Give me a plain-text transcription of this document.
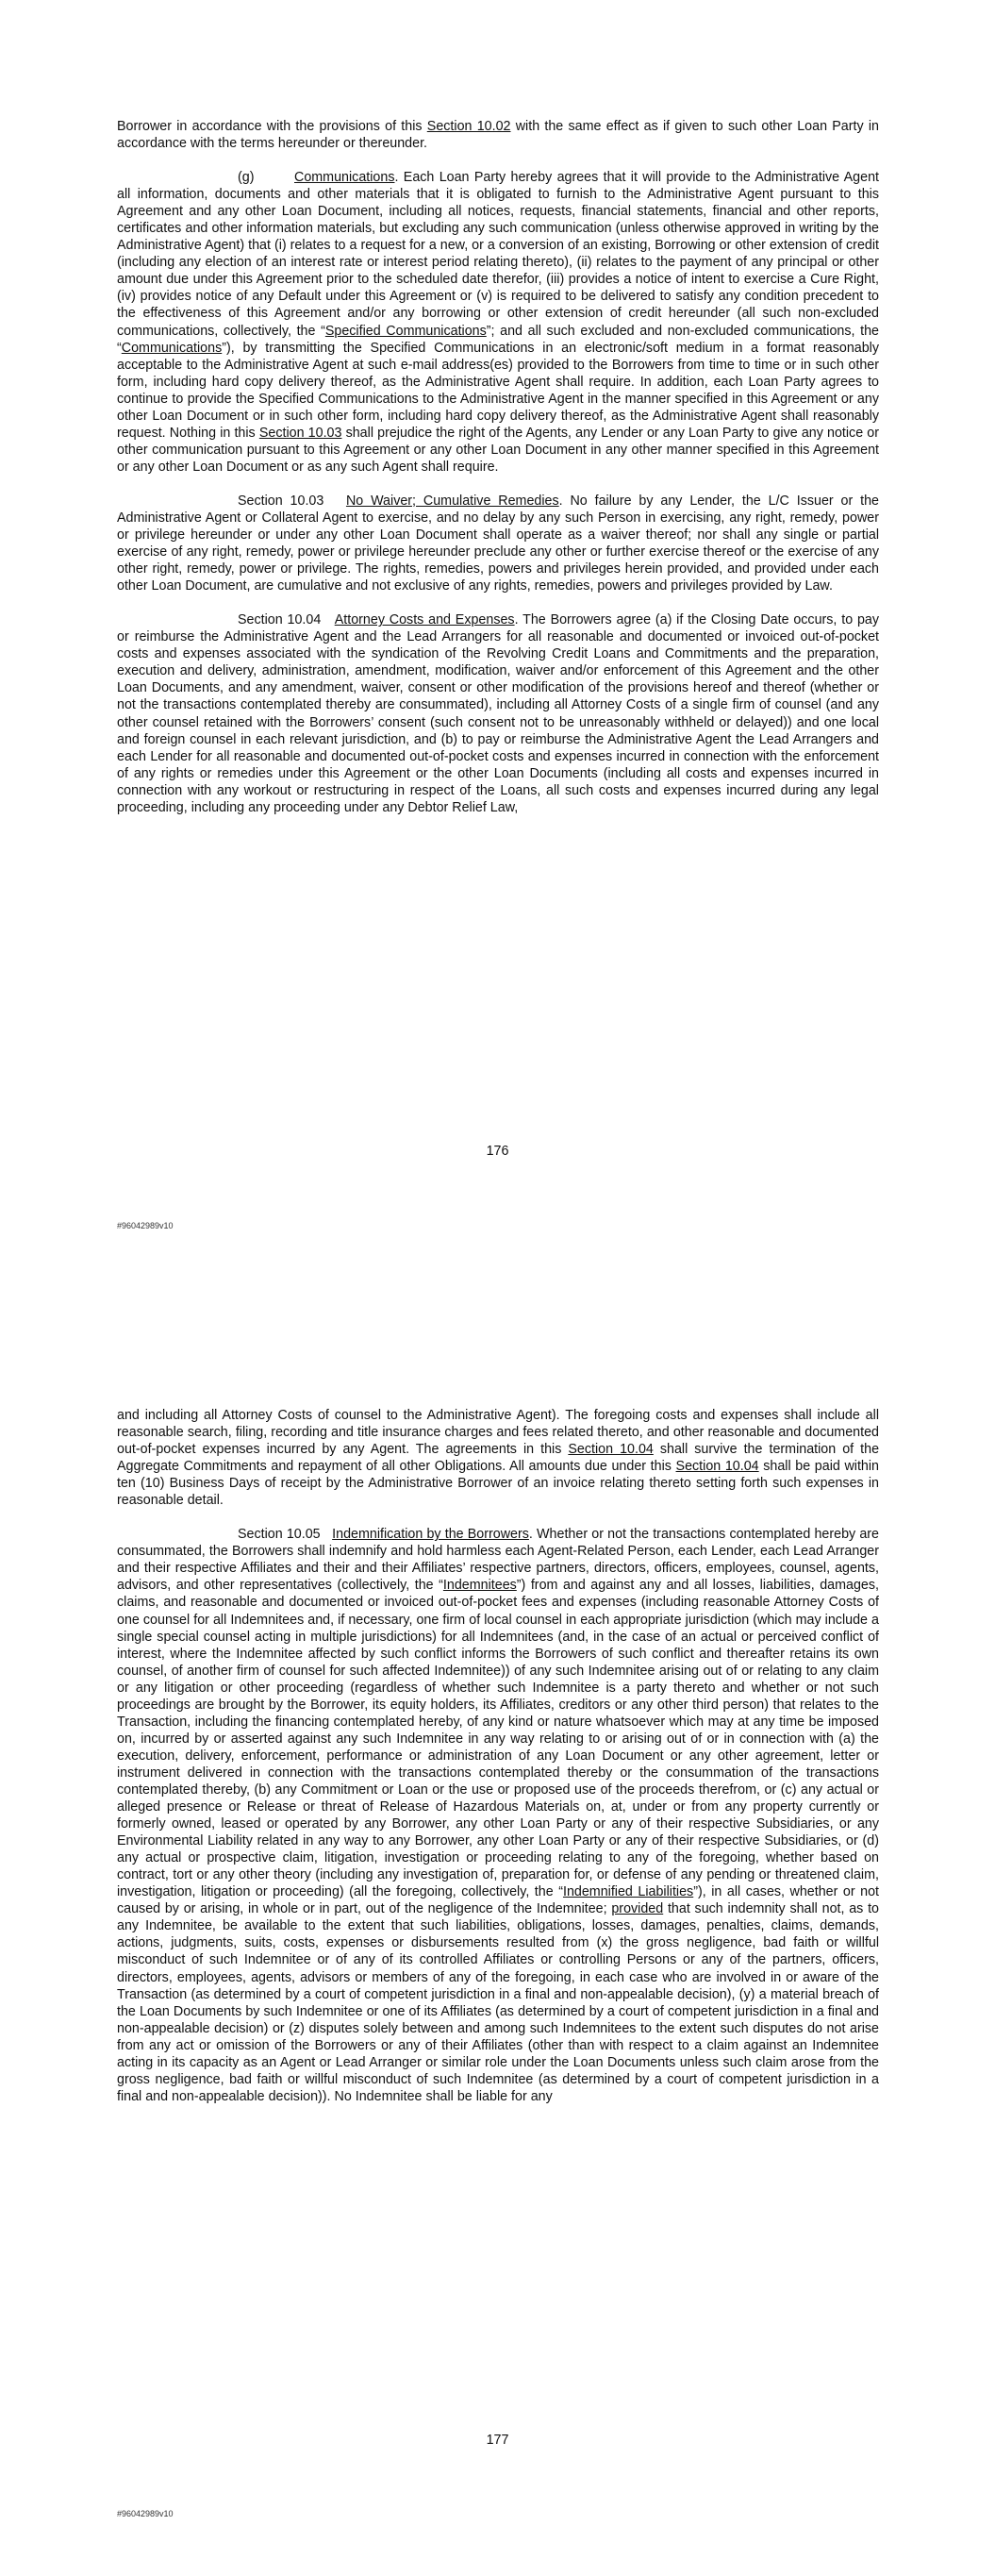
Borrower in accordance with the provisions of this Section 10.02 with the same effect as if given to such other Loan Party in accordance with the terms hereunder or thereunder.

(g)	Communications. Each Loan Party hereby agrees that it will provide to the Administrative Agent all information, documents and other materials that it is obligated to furnish to the Administrative Agent pursuant to this Agreement and any other Loan Document, including all notices, requests, financial statements, financial and other reports, certificates and other information materials, but excluding any such communication (unless otherwise approved in writing by the Administrative Agent) that (i) relates to a request for a new, or a conversion of an existing, Borrowing or other extension of credit (including any election of an interest rate or interest period relating thereto), (ii) relates to the payment of any principal or other amount due under this Agreement prior to the scheduled date therefor, (iii) provides a notice of intent to exercise a Cure Right, (iv) provides notice of any Default under this Agreement or (v) is required to be delivered to satisfy any condition precedent to the effectiveness of this Agreement and/or any borrowing or other extension of credit hereunder (all such non-excluded communications, collectively, the “Specified Communications”; and all such excluded and non-excluded communications, the “Communications”), by transmitting the Specified Communications in an electronic/soft medium in a format reasonably acceptable to the Administrative Agent at such e-mail address(es) provided to the Borrowers from time to time or in such other form, including hard copy delivery thereof, as the Administrative Agent shall require. In addition, each Loan Party agrees to continue to provide the Specified Communications to the Administrative Agent in the manner specified in this Agreement or any other Loan Document or in such other form, including hard copy delivery thereof, as the Administrative Agent shall reasonably request. Nothing in this Section 10.03 shall prejudice the right of the Agents, any Lender or any Loan Party to give any notice or other communication pursuant to this Agreement or any other Loan Document in any other manner specified in this Agreement or any other Loan Document or as any such Agent shall require.

Section 10.03 No Waiver; Cumulative Remedies. No failure by any Lender, the L/C Issuer or the Administrative Agent or Collateral Agent to exercise, and no delay by any such Person in exercising, any right, remedy, power or privilege hereunder or under any other Loan Document shall operate as a waiver thereof; nor shall any single or partial exercise of any right, remedy, power or privilege hereunder preclude any other or further exercise thereof or the exercise of any other right, remedy, power or privilege. The rights, remedies, powers and privileges herein provided, and provided under each other Loan Document, are cumulative and not exclusive of any rights, remedies, powers and privileges provided by Law.

Section 10.04 Attorney Costs and Expenses. The Borrowers agree (a) if the Closing Date occurs, to pay or reimburse the Administrative Agent and the Lead Arrangers for all reasonable and documented or invoiced out-of-pocket costs and expenses associated with the syndication of the Revolving Credit Loans and Commitments and the preparation, execution and delivery, administration, amendment, modification, waiver and/or enforcement of this Agreement and the other Loan Documents, and any amendment, waiver, consent or other modification of the provisions hereof and thereof (whether or not the transactions contemplated thereby are consummated), including all Attorney Costs of a single firm of counsel (and any other counsel retained with the Borrowers’ consent (such consent not to be unreasonably withheld or delayed)) and one local and foreign counsel in each relevant jurisdiction, and (b) to pay or reimburse the Administrative Agent the Lead Arrangers and each Lender for all reasonable and documented out-of-pocket costs and expenses incurred in connection with the enforcement of any rights or remedies under this Agreement or the other Loan Documents (including all costs and expenses incurred in connection with any workout or restructuring in respect of the Loans, all such costs and expenses incurred during any legal proceeding, including any proceeding under any Debtor Relief Law,

176
#96042989v10

and including all Attorney Costs of counsel to the Administrative Agent). The foregoing costs and expenses shall include all reasonable search, filing, recording and title insurance charges and fees related thereto, and other reasonable and documented out-of-pocket expenses incurred by any Agent. The agreements in this Section 10.04 shall survive the termination of the Aggregate Commitments and repayment of all other Obligations. All amounts due under this Section 10.04 shall be paid within ten (10) Business Days of receipt by the Administrative Borrower of an invoice relating thereto setting forth such expenses in reasonable detail.

Section 10.05 Indemnification by the Borrowers. Whether or not the transactions contemplated hereby are consummated, the Borrowers shall indemnify and hold harmless each Agent-Related Person, each Lender, each Lead Arranger and their respective Affiliates and their and their Affiliates’ respective partners, directors, officers, employees, counsel, agents, advisors, and other representatives (collectively, the “Indemnitees”) from and against any and all losses, liabilities, damages, claims, and reasonable and documented or invoiced out-of-pocket fees and expenses (including reasonable Attorney Costs of one counsel for all Indemnitees and, if necessary, one firm of local counsel in each appropriate jurisdiction (which may include a single special counsel acting in multiple jurisdictions) for all Indemnitees (and, in the case of an actual or perceived conflict of interest, where the Indemnitee affected by such conflict informs the Borrowers of such conflict and thereafter retains its own counsel, of another firm of counsel for such affected Indemnitee)) of any such Indemnitee arising out of or relating to any claim or any litigation or other proceeding (regardless of whether such Indemnitee is a party thereto and whether or not such proceedings are brought by the Borrower, its equity holders, its Affiliates, creditors or any other third person) that relates to the Transaction, including the financing contemplated hereby, of any kind or nature whatsoever which may at any time be imposed on, incurred by or asserted against any such Indemnitee in any way relating to or arising out of or in connection with (a) the execution, delivery, enforcement, performance or administration of any Loan Document or any other agreement, letter or instrument delivered in connection with the transactions contemplated thereby or the consummation of the transactions contemplated thereby, (b) any Commitment or Loan or the use or proposed use of the proceeds therefrom, or (c) any actual or alleged presence or Release or threat of Release of Hazardous Materials on, at, under or from any property currently or formerly owned, leased or operated by any Borrower, any other Loan Party or any of their respective Subsidiaries, or any Environmental Liability related in any way to any Borrower, any other Loan Party or any of their respective Subsidiaries, or (d) any actual or prospective claim, litigation, investigation or proceeding relating to any of the foregoing, whether based on contract, tort or any other theory (including any investigation of, preparation for, or defense of any pending or threatened claim, investigation, litigation or proceeding) (all the foregoing, collectively, the “Indemnified Liabilities”), in all cases, whether or not caused by or arising, in whole or in part, out of the negligence of the Indemnitee; provided that such indemnity shall not, as to any Indemnitee, be available to the extent that such liabilities, obligations, losses, damages, penalties, claims, demands, actions, judgments, suits, costs, expenses or disbursements resulted from (x) the gross negligence, bad faith or willful misconduct of such Indemnitee or of any of its controlled Affiliates or controlling Persons or any of the partners, officers, directors, employees, agents, advisors or members of any of the foregoing, in each case who are involved in or aware of the Transaction (as determined by a court of competent jurisdiction in a final and non-appealable decision), (y) a material breach of the Loan Documents by such Indemnitee or one of its Affiliates (as determined by a court of competent jurisdiction in a final and non-appealable decision) or (z) disputes solely between and among such Indemnitees to the extent such disputes do not arise from any act or omission of the Borrowers or any of their Affiliates (other than with respect to a claim against an Indemnitee acting in its capacity as an Agent or Lead Arranger or similar role under the Loan Documents unless such claim arose from the gross negligence, bad faith or willful misconduct of such Indemnitee (as determined by a court of competent jurisdiction in a final and non-appealable decision)). No Indemnitee shall be liable for any

177
#96042989v10
